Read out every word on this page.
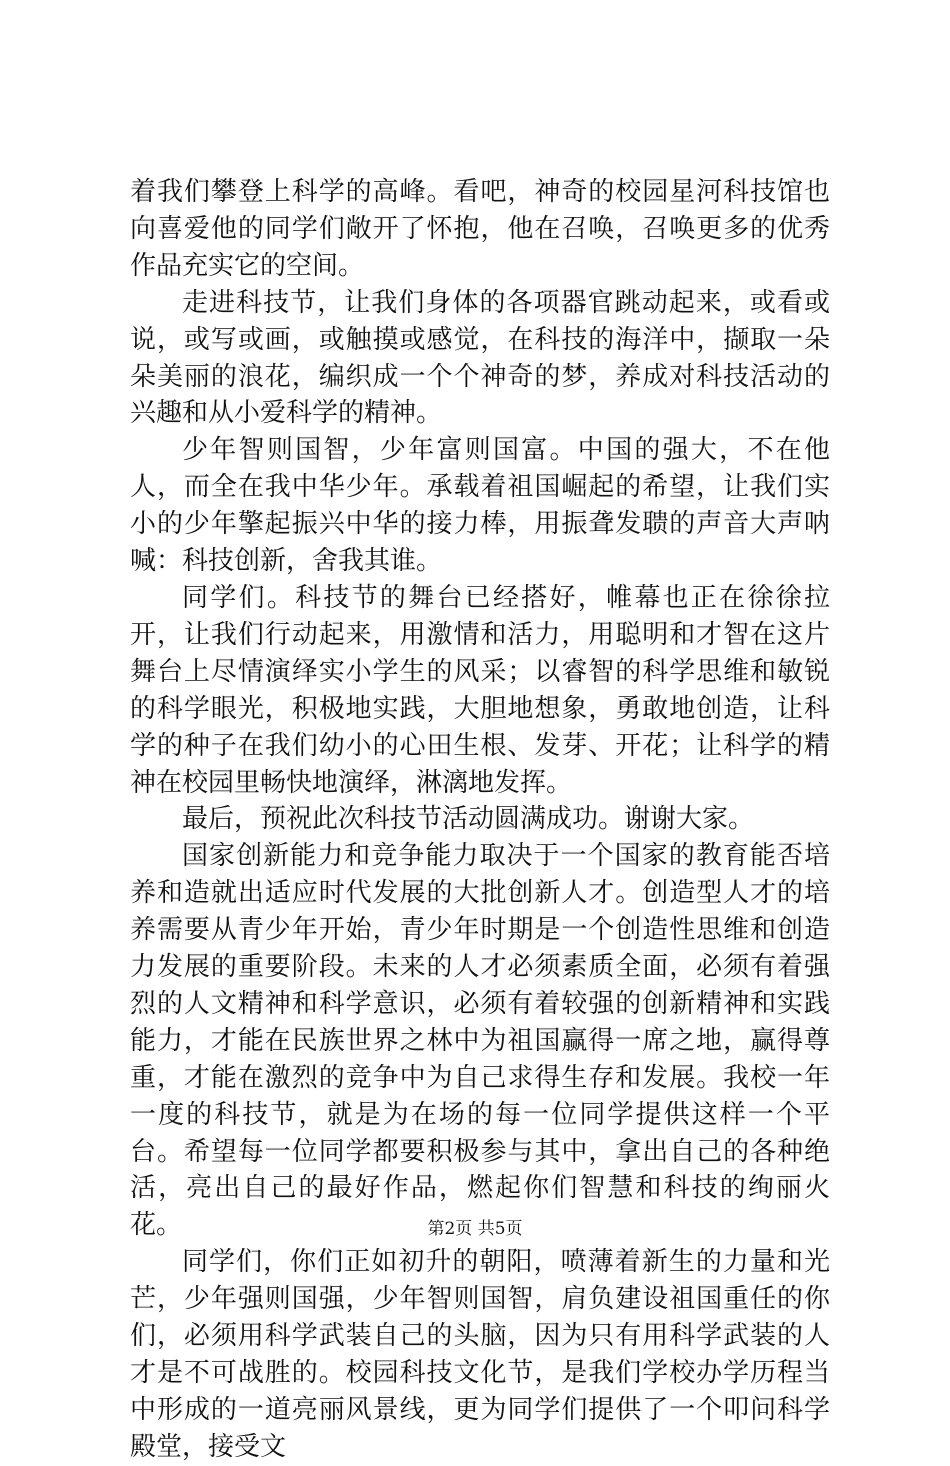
着我们攀登上科学的高峰。看吧，神奇的校园星河科技馆也向喜爱他的同学们敞开了怀抱，他在召唤，召唤更多的优秀作品充实它的空间。

走进科技节，让我们身体的各项器官跳动起来，或看或说，或写或画，或触摸或感觉，在科技的海洋中，撷取一朵朵美丽的浪花，编织成一个个神奇的梦，养成对科技活动的兴趣和从小爱科学的精神。

少年智则国智，少年富则国富。中国的强大，不在他人，而全在我中华少年。承载着祖国崛起的希望，让我们实小的少年擎起振兴中华的接力棒，用振聋发聩的声音大声呐喊：科技创新，舍我其谁。

同学们。科技节的舞台已经搭好，帷幕也正在徐徐拉开，让我们行动起来，用激情和活力，用聪明和才智在这片舞台上尽情演绎实小学生的风采；以睿智的科学思维和敏锐的科学眼光，积极地实践，大胆地想象，勇敢地创造，让科学的种子在我们幼小的心田生根、发芽、开花；让科学的精神在校园里畅快地演绎，淋漓地发挥。

最后，预祝此次科技节活动圆满成功。谢谢大家。

国家创新能力和竞争能力取决于一个国家的教育能否培养和造就出适应时代发展的大批创新人才。创造型人才的培养需要从青少年开始，青少年时期是一个创造性思维和创造力发展的重要阶段。未来的人才必须素质全面，必须有着强烈的人文精神和科学意识，必须有着较强的创新精神和实践能力，才能在民族世界之林中为祖国赢得一席之地，赢得尊重，才能在激烈的竞争中为自己求得生存和发展。我校一年一度的科技节，就是为在场的每一位同学提供这样一个平台。希望每一位同学都要积极参与其中，拿出自己的各种绝活，亮出自己的最好作品，燃起你们智慧和科技的绚丽火花。

同学们，你们正如初升的朝阳，喷薄着新生的力量和光芒，少年强则国强，少年智则国智，肩负建设祖国重任的你们，必须用科学武装自己的头脑，因为只有用科学武装的人才是不可战胜的。校园科技文化节，是我们学校办学历程当中形成的一道亮丽风景线，更为同学们提供了一个叩问科学殿堂，接受文

第2页 共5页
